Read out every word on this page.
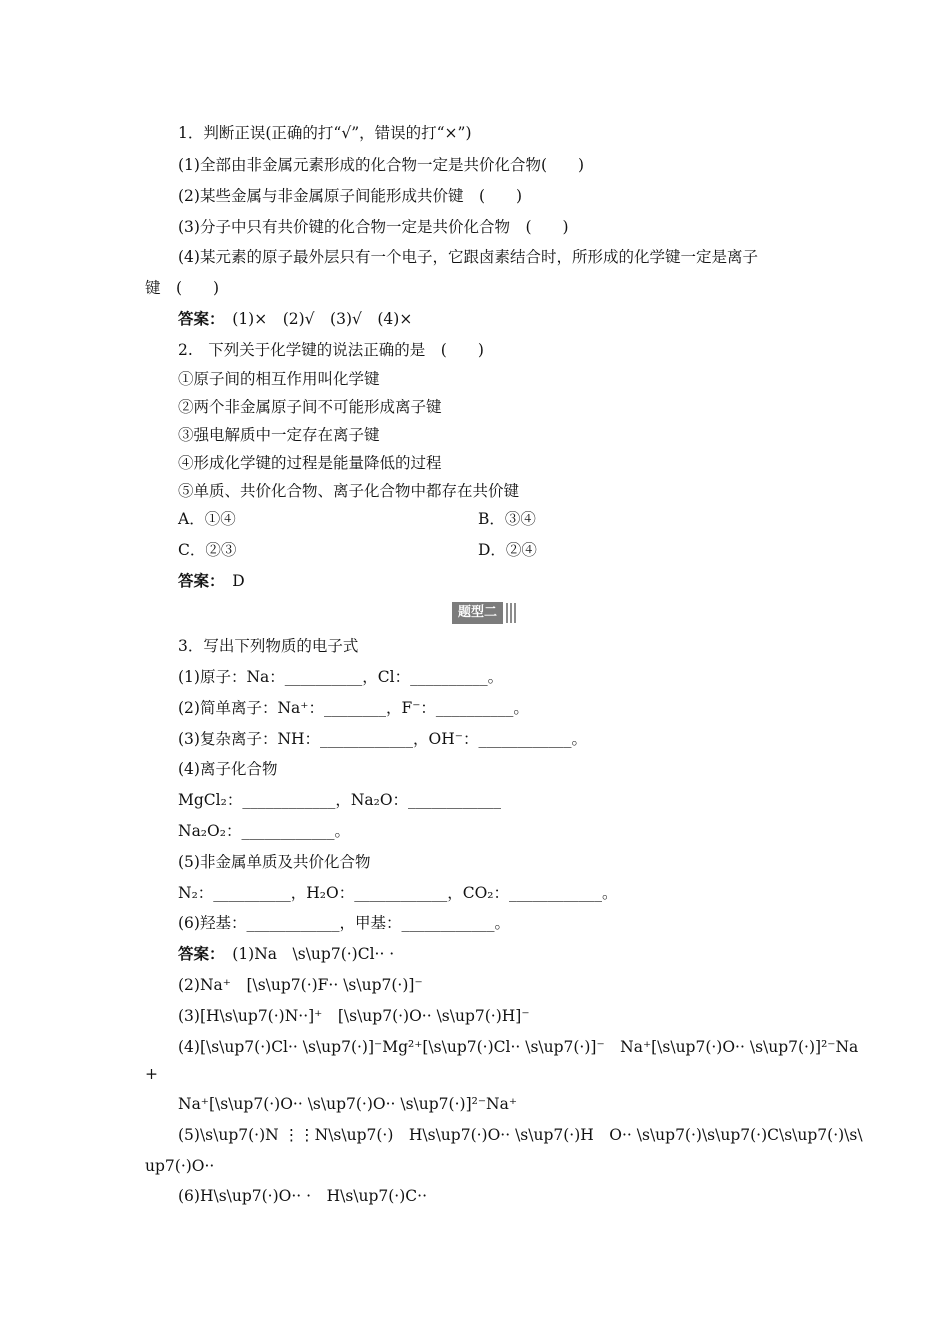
1．判断正误(正确的打“√”，错误的打“×”)
(1)全部由非金属元素形成的化合物一定是共价化合物(　　)
(2)某些金属与非金属原子间能形成共价键　(　　)
(3)分子中只有共价键的化合物一定是共价化合物　(　　)
(4)某元素的原子最外层只有一个电子，它跟卤素结合时，所形成的化学键一定是离子
键　(　　)
答案：　(1)×　(2)√　(3)√　(4)×
2.　下列关于化学键的说法正确的是　(　　)
①原子间的相互作用叫化学键
②两个非金属原子间不可能形成离子键
③强电解质中一定存在离子键
④形成化学键的过程是能量降低的过程
⑤单质、共价化合物、离子化合物中都存在共价键
A．①④	B．③④
C．②③	D．②④
答案：　D
题型二
3．写出下列物质的电子式
(1)原子：Na：__________，Cl：__________。
(2)简单离子：Na⁺：________，F⁻：__________。
(3)复杂离子：NH：____________，OH⁻：____________。
(4)离子化合物
MgCl₂：____________，Na₂O：____________
Na₂O₂：____________。
(5)非金属单质及共价化合物
N₂：__________，H₂O：____________，CO₂：____________。
(6)羟基：____________，甲基：____________。
答案：　(1)Na　\s\up7(·)Cl·· ·
(2)Na⁺　[\s\up7(·)F·· \s\up7(·)]⁻
(3)[H\s\up7(·)N··]⁺　[\s\up7(·)O·· \s\up7(·)H]⁻
(4)[\s\up7(·)Cl·· \s\up7(·)]⁻Mg²⁺[\s\up7(·)Cl·· \s\up7(·)]⁻　Na⁺[\s\up7(·)O·· \s\up7(·)]²⁻Na
+
Na⁺[\s\up7(·)O·· \s\up7(·)O·· \s\up7(·)]²⁻Na⁺
(5)\s\up7(·)N ⋮⋮N\s\up7(·)　H\s\up7(·)O·· \s\up7(·)H　O·· \s\up7(·)\s\up7(·)C\s\up7(·)\s\
up7(·)O··
(6)H\s\up7(·)O·· ·　H\s\up7(·)C··
